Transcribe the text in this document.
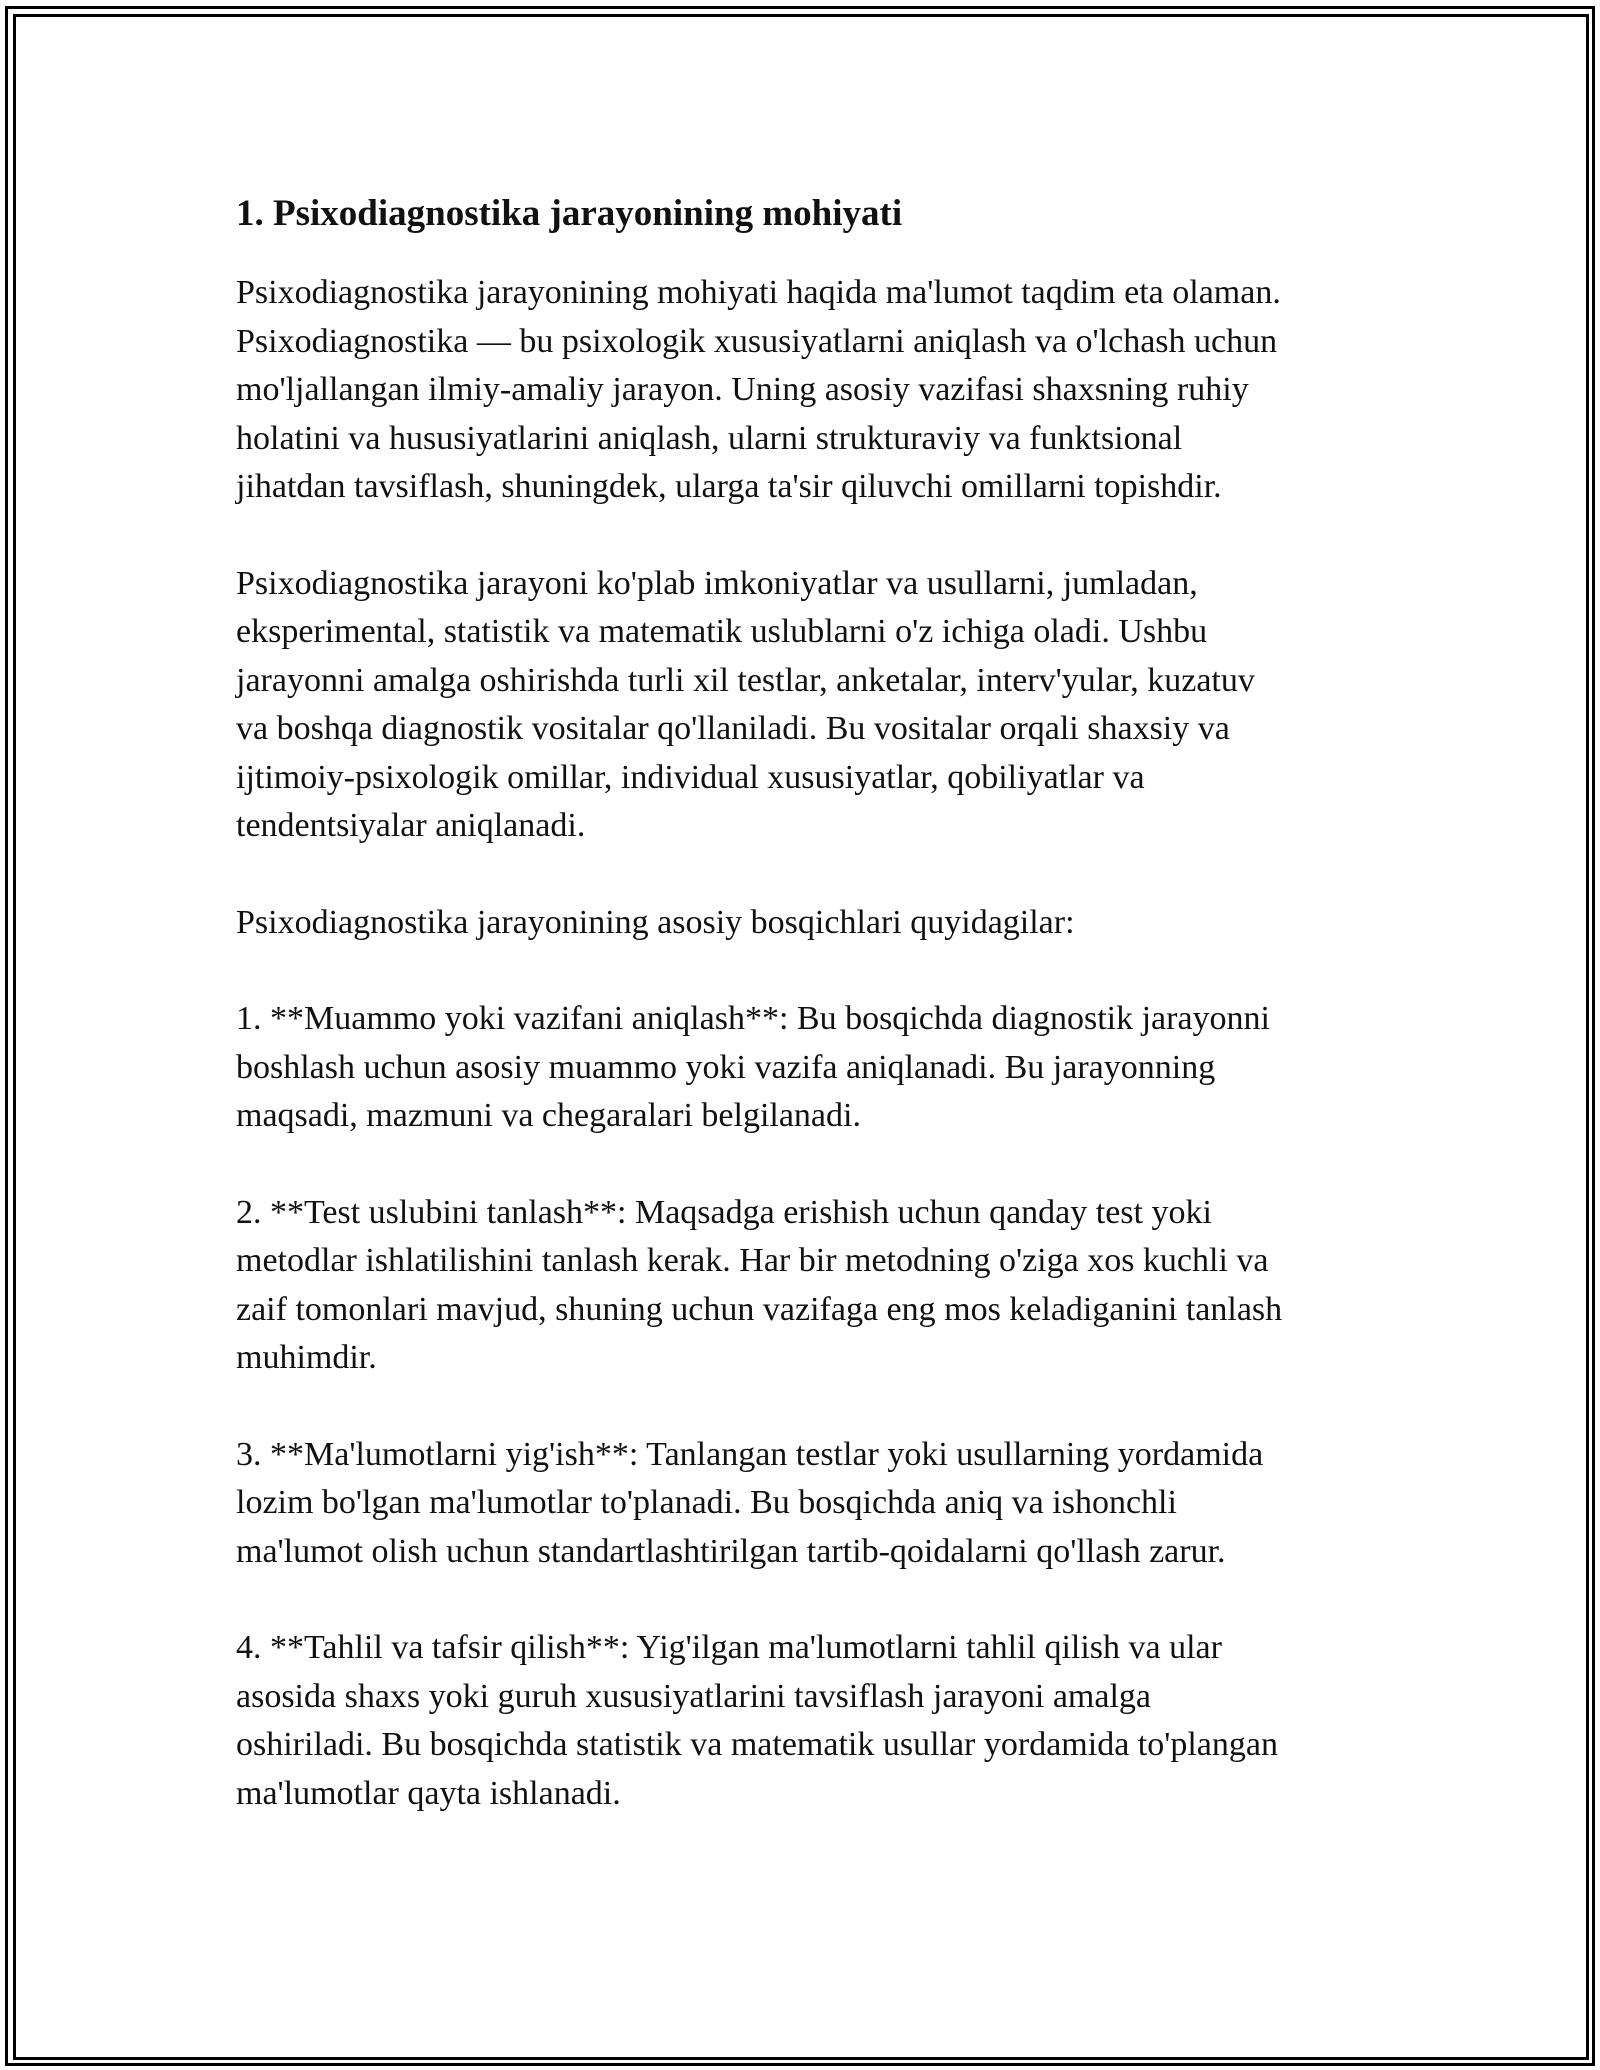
1. Psixodiagnostika jarayonining mohiyati

Psixodiagnostika jarayonining mohiyati haqida ma'lumot taqdim eta olaman.
Psixodiagnostika — bu psixologik xususiyatlarni aniqlash va o'lchash uchun
mo'ljallangan ilmiy-amaliy jarayon. Uning asosiy vazifasi shaxsning ruhiy
holatini va hususiyatlarini aniqlash, ularni strukturaviy va funktsional
jihatdan tavsiflash, shuningdek, ularga ta'sir qiluvchi omillarni topishdir.

Psixodiagnostika jarayoni ko'plab imkoniyatlar va usullarni, jumladan,
eksperimental, statistik va matematik uslublarni o'z ichiga oladi. Ushbu
jarayonni amalga oshirishda turli xil testlar, anketalar, interv'yular, kuzatuv
va boshqa diagnostik vositalar qo'llaniladi. Bu vositalar orqali shaxsiy va
ijtimoiy-psixologik omillar, individual xususiyatlar, qobiliyatlar va
tendentsiyalar aniqlanadi.

Psixodiagnostika jarayonining asosiy bosqichlari quyidagilar:

1. **Muammo yoki vazifani aniqlash**: Bu bosqichda diagnostik jarayonni
boshlash uchun asosiy muammo yoki vazifa aniqlanadi. Bu jarayonning
maqsadi, mazmuni va chegaralari belgilanadi.

2. **Test uslubini tanlash**: Maqsadga erishish uchun qanday test yoki
metodlar ishlatilishini tanlash kerak. Har bir metodning o'ziga xos kuchli va
zaif tomonlari mavjud, shuning uchun vazifaga eng mos keladiganini tanlash
muhimdir.

3. **Ma'lumotlarni yig'ish**: Tanlangan testlar yoki usullarning yordamida
lozim bo'lgan ma'lumotlar to'planadi. Bu bosqichda aniq va ishonchli
ma'lumot olish uchun standartlashtirilgan tartib-qoidalarni qo'llash zarur.

4. **Tahlil va tafsir qilish**: Yig'ilgan ma'lumotlarni tahlil qilish va ular
asosida shaxs yoki guruh xususiyatlarini tavsiflash jarayoni amalga
oshiriladi. Bu bosqichda statistik va matematik usullar yordamida to'plangan
ma'lumotlar qayta ishlanadi.
